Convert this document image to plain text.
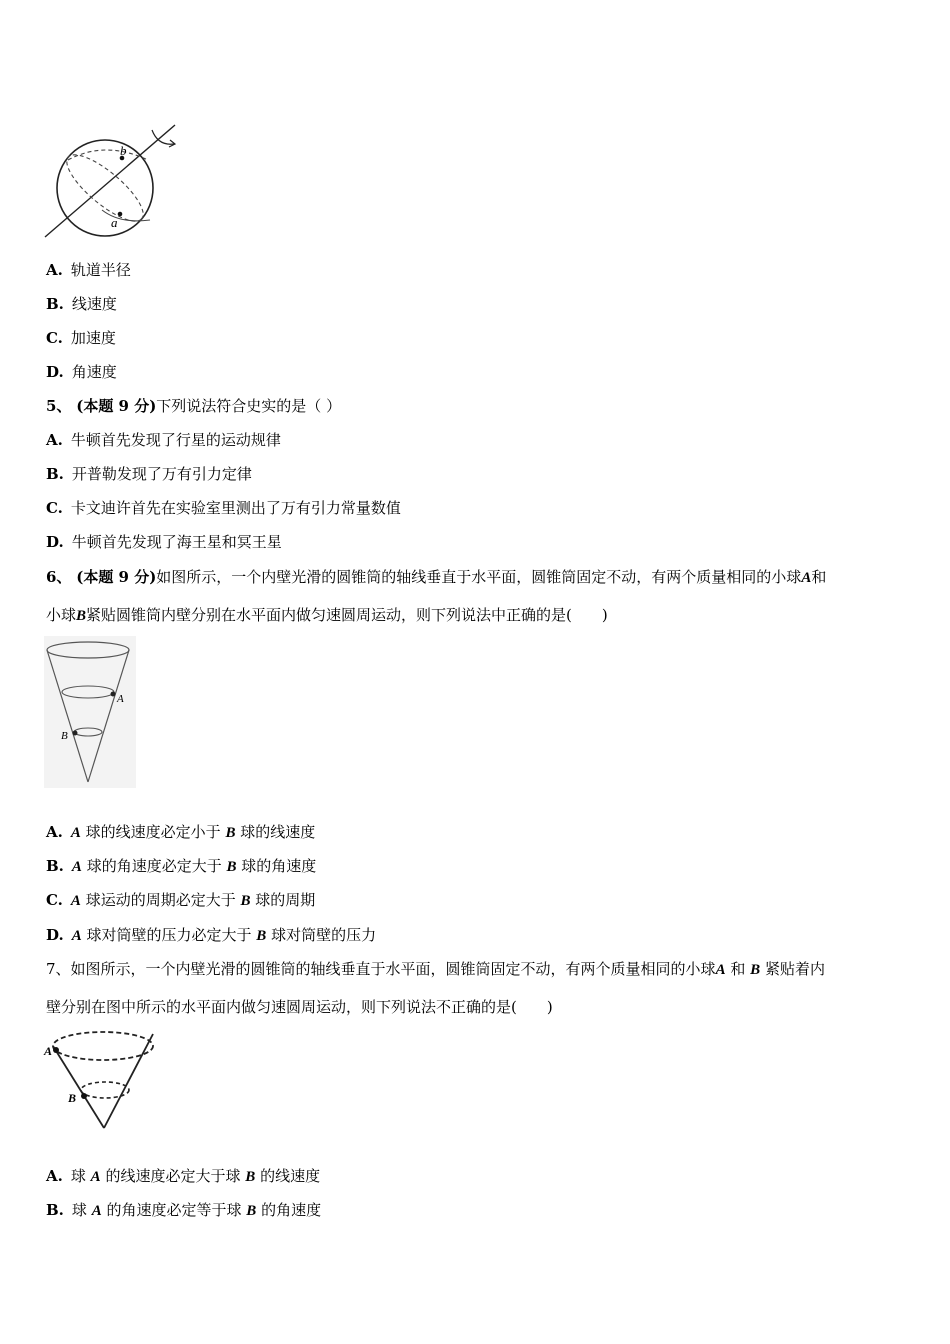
b
a
A. 轨道半径
B. 线速度
C. 加速度
D. 角速度
5、 (本题 9 分)下列说法符合史实的是（ ）
A. 牛顿首先发现了行星的运动规律
B. 开普勒发现了万有引力定律
C. 卡文迪许首先在实验室里测出了万有引力常量数值
D. 牛顿首先发现了海王星和冥王星
6、 (本题 9 分)如图所示，一个内壁光滑的圆锥筒的轴线垂直于水平面，圆锥筒固定不动，有两个质量相同的小球A和
小球B紧贴圆锥筒内壁分别在水平面内做匀速圆周运动，则下列说法中正确的是(　　)
A
B
A. A 球的线速度必定小于 B 球的线速度
B. A 球的角速度必定大于 B 球的角速度
C. A 球运动的周期必定大于 B 球的周期
D. A 球对筒壁的压力必定大于 B 球对筒壁的压力
7、如图所示，一个内壁光滑的圆锥筒的轴线垂直于水平面，圆锥筒固定不动，有两个质量相同的小球A 和 B 紧贴着内
壁分别在图中所示的水平面内做匀速圆周运动，则下列说法不正确的是(　　)
A
B
A. 球 A 的线速度必定大于球 B 的线速度
B. 球 A 的角速度必定等于球 B 的角速度
